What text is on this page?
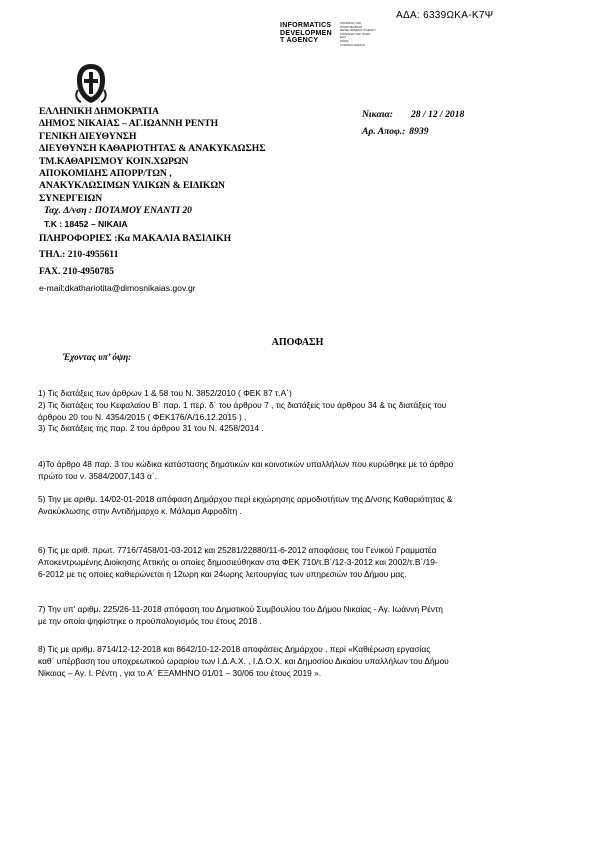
ΑΔΑ: 6339ΩΚΑ-Κ7Ψ
INFORMATICS
DEVELOPMEN
T AGENCY
ΚΟΙΝΩΝΙΑ ΤΗΣ
ΠΛΗΡΟΦΟΡΙΑΣ
DEVELOPMENT AGENCY
ΚΟΙΝΩΝΙΑ ΤΗΣ ΠΛΗΡ.
ΕΛΛ
ΡΗΜΑ
ΛΛΗΝΙΚΗ ΔΗΜΟΚ
ΕΛΛΗΝΙΚΗ ΔΗΜΟΚΡΑΤΙΑ
ΔΗΜΟΣ ΝΙΚΑΙΑΣ – ΑΓ.ΙΩΑΝΝΗ ΡΕΝΤΗ
ΓΕΝΙΚΗ ΔΙΕΥΘΥΝΣΗ
ΔΙΕΥΘΥΝΣΗ ΚΑΘΑΡΙΟΤΗΤΑΣ & ΑΝΑΚΥΚΛΩΣΗΣ
ΤΜ.ΚΑΘΑΡΙΣΜΟΥ ΚΟΙΝ.ΧΩΡΩΝ
ΑΠΟΚΟΜΙΔΗΣ ΑΠΟΡΡ/ΤΩΝ ,
ΑΝΑΚΥΚΛΩΣΙΜΩΝ ΥΛΙΚΩΝ & ΕΙΔΙΚΩΝ
ΣΥΝΕΡΓΕΙΩΝ
Ταχ. Δ/νση : ΠΟΤΑΜΟΥ ΕΝΑΝΤΙ 20
Τ.Κ : 18452 – ΝΙΚΑΙΑ
ΠΛΗΡΟΦΟΡΙΕΣ :Κα ΜΑΚΑΛΙΑ ΒΑΣΙΛΙΚΗ
ΤΗΛ.: 210-4955611
FAX. 210-4950785
e-mail:dkathariotita@dimosnikaias.gov.gr
Νικαια: 28 / 12 / 2018
Αρ. Αποφ.: 8939
ΑΠΟΦΑΣΗ
Έχοντας υπ’ όψη:
1) Τις διατάξεις των άρθρων 1 & 58 του Ν. 3852/2010 ( ΦΕΚ 87 τ.Α΄)
2) Τις διατάξεις του Κεφαλαίου Β΄ παρ. 1 περ. δ΄ του άρθρου 7 , τις διατάξεις του άρθρου 34 & τις διατάξεις του
άρθρου 20 του Ν. 4354/2015 ( ΦΕΚ176/Α/16.12.2015 ) .
3) Τις διατάξεις της παρ. 2 του άρθρου 31 του Ν. 4258/2014 .
4)Το άρθρο 48 παρ. 3 του κώδικα κατάστασης δημοτικών και κοινοτικών υπαλλήλων που κυρώθηκε με το άρθρο
πρώτο του ν. 3584/2007,143 α΄.
5) Την με αριθμ. 14/02-01-2018 απόφαση Δημάρχου περί εκχώρησης αρμοδιοτήτων της Δ/νσης Καθαριότητας &
Ανακύκλωσης στην Αντιδήμαρχο κ. Μάλαμα Αφροδίτη .
6) Τις με αριθ. πρωτ. 7716/7458/01-03-2012 και 25281/22880/11-6-2012 αποφάσεις του Γενικού Γραμματέα
Αποκεντρωμένης Διοίκησης Αττικής οι οποίες δημοσιεύθηκαν στα ΦΕΚ 710/τ.Β΄/12-3-2012 και 2002/τ.Β΄/19-
6-2012 με τις οποίες καθιερώνεται η 12ωρη και 24ωρης λειτουργίας των υπηρεσιών του Δήμου μας.
7) Την υπ’ αριθμ. 225/26-11-2018 απόφαση του Δημοτικού Συμβουλίου του Δήμου Νικαίας - Αγ. Ιωάννη Ρέντη
με την οποία ψηφίστηκε ο προϋπολογισμός του έτους 2018 .
8) Τις με αριθμ. 8714/12-12-2018 και 8642/10-12-2018 αποφάσεις Δημάρχου , περί «Καθιέρωση εργασίας
καθ΄ υπέρβαση του υποχρεωτικού ωραρίου των Ι.Δ.Α.Χ. , Ι.Δ.Ο.Χ. και Δημοσίου Δικαίου υπαλλήλων του Δήμου
Νίκαιας – Αγ. Ι. Ρέντη , για το Α΄ ΕΞΑΜΗΝΟ 01/01 – 30/06 του έτους 2019 ».
